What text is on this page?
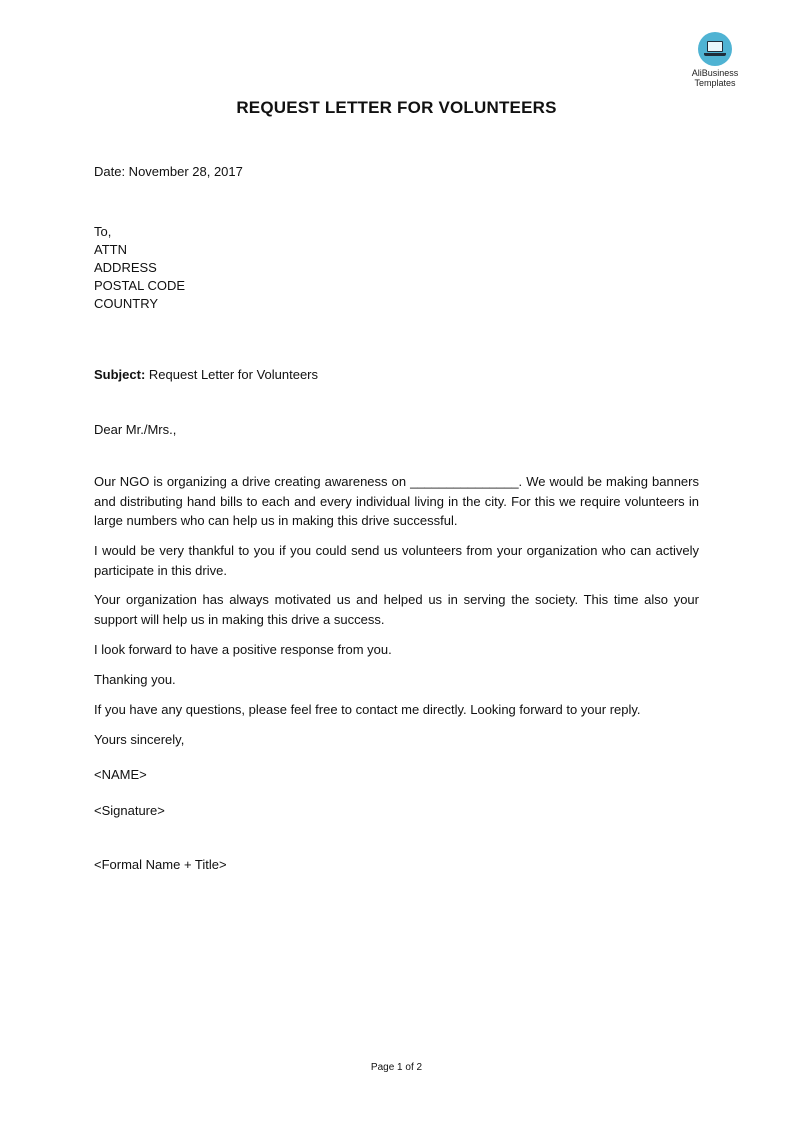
AliBusiness
Templates
REQUEST LETTER FOR VOLUNTEERS
Date: November 28, 2017
To,
ATTN
ADDRESS
POSTAL CODE
COUNTRY
Subject: Request Letter for Volunteers
Dear Mr./Mrs.,

Our NGO is organizing a drive creating awareness on _______________. We would be making banners and distributing hand bills to each and every individual living in the city. For this we require volunteers in large numbers who can help us in making this drive successful.

I would be very thankful to you if you could send us volunteers from your organization who can actively participate in this drive.

Your organization has always motivated us and helped us in serving the society. This time also your support will help us in making this drive a success.

I look forward to have a positive response from you.

Thanking you.

If you have any questions, please feel free to contact me directly. Looking forward to your reply.

Yours sincerely,

<NAME>
<Signature>
<Formal Name + Title>
Page 1 of 2
